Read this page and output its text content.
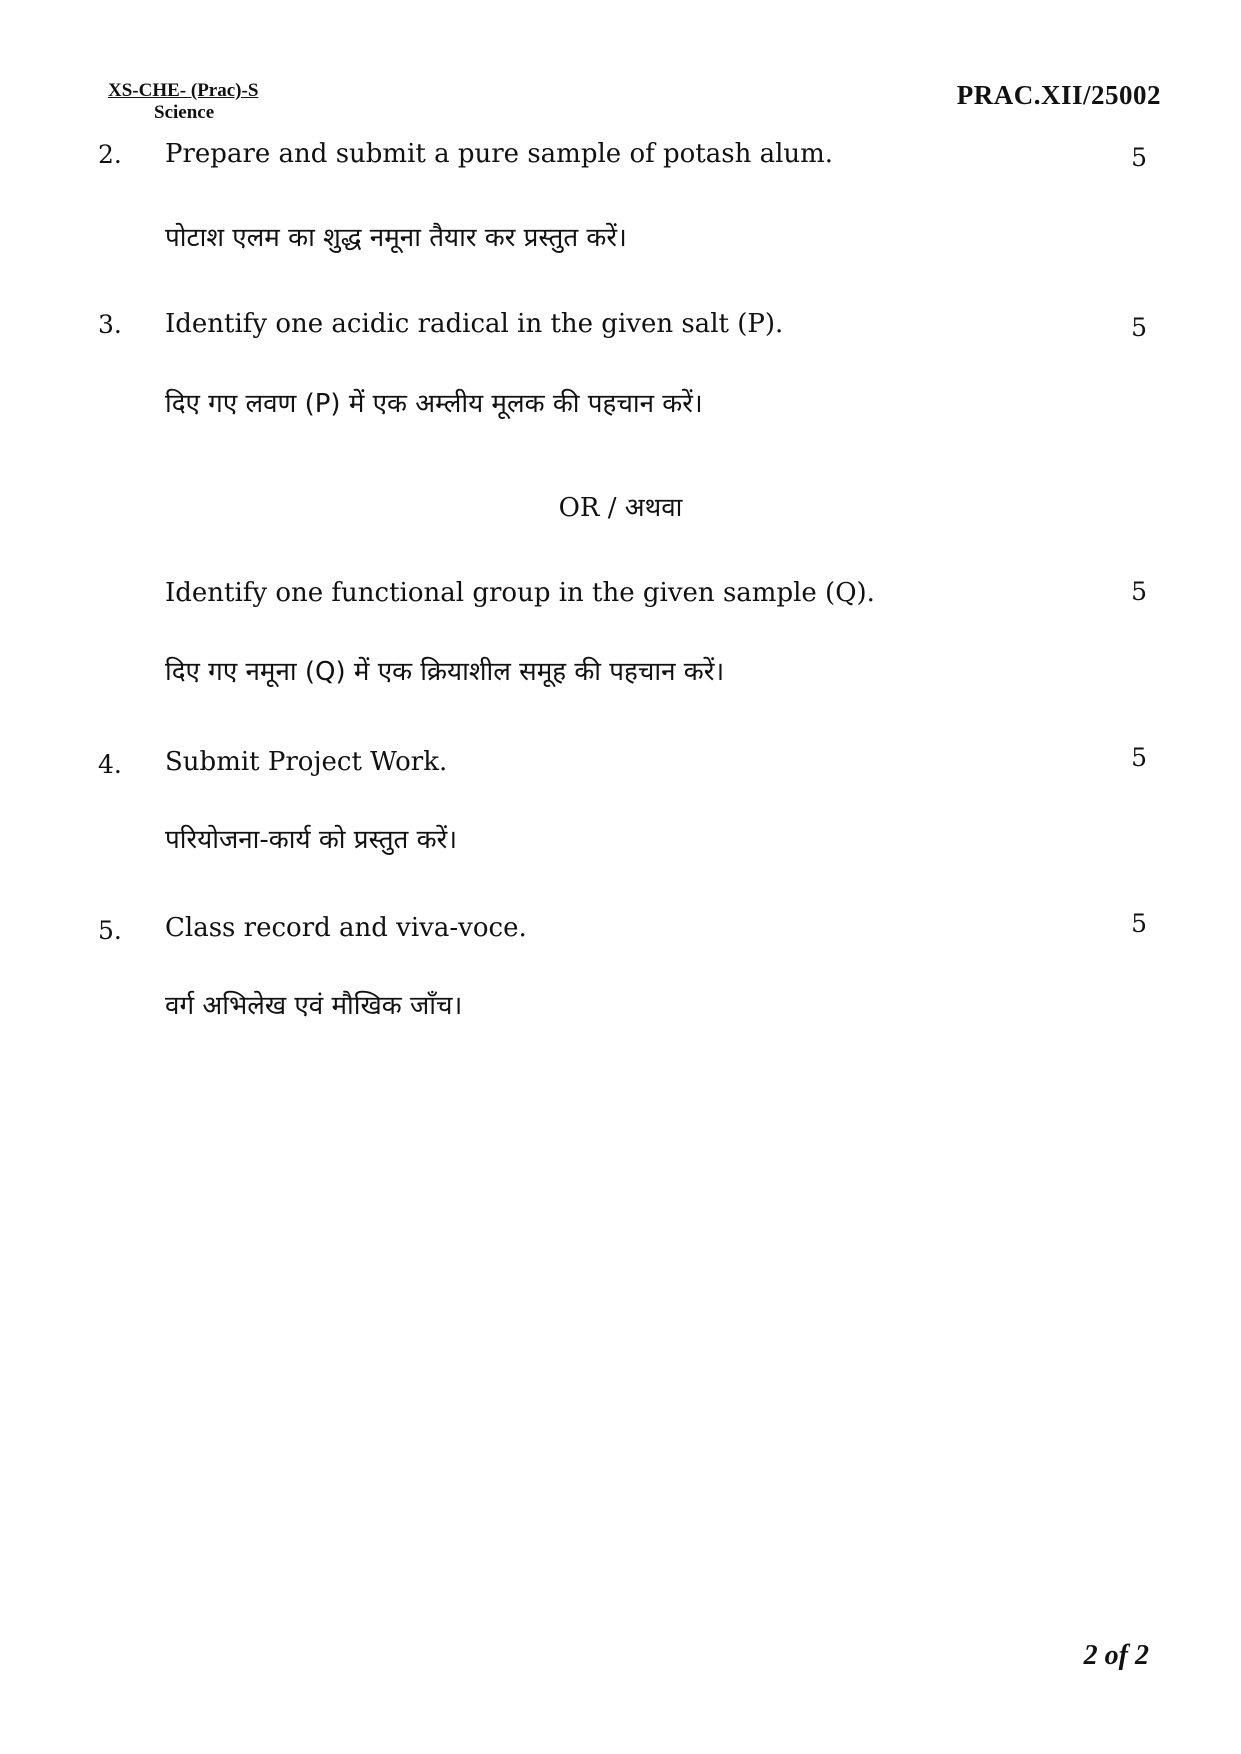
XS-CHE- (Prac)-S
Science
PRAC.XII/25002
2. Prepare and submit a pure sample of potash alum.	5
पोटाश एलम का शुद्ध नमूना तैयार कर प्रस्तुत करें।
3. Identify one acidic radical in the given salt (P).	5
दिए गए लवण (P) में एक अम्लीय मूलक की पहचान करें।
OR / अथवा
Identify one functional group in the given sample (Q).	5
दिए गए नमूना (Q) में एक क्रियाशील समूह की पहचान करें।
4. Submit Project Work.	5
परियोजना-कार्य को प्रस्तुत करें।
5. Class record and viva-voce.	5
वर्ग अभिलेख एवं मौखिक जाँच।
2 of 2
